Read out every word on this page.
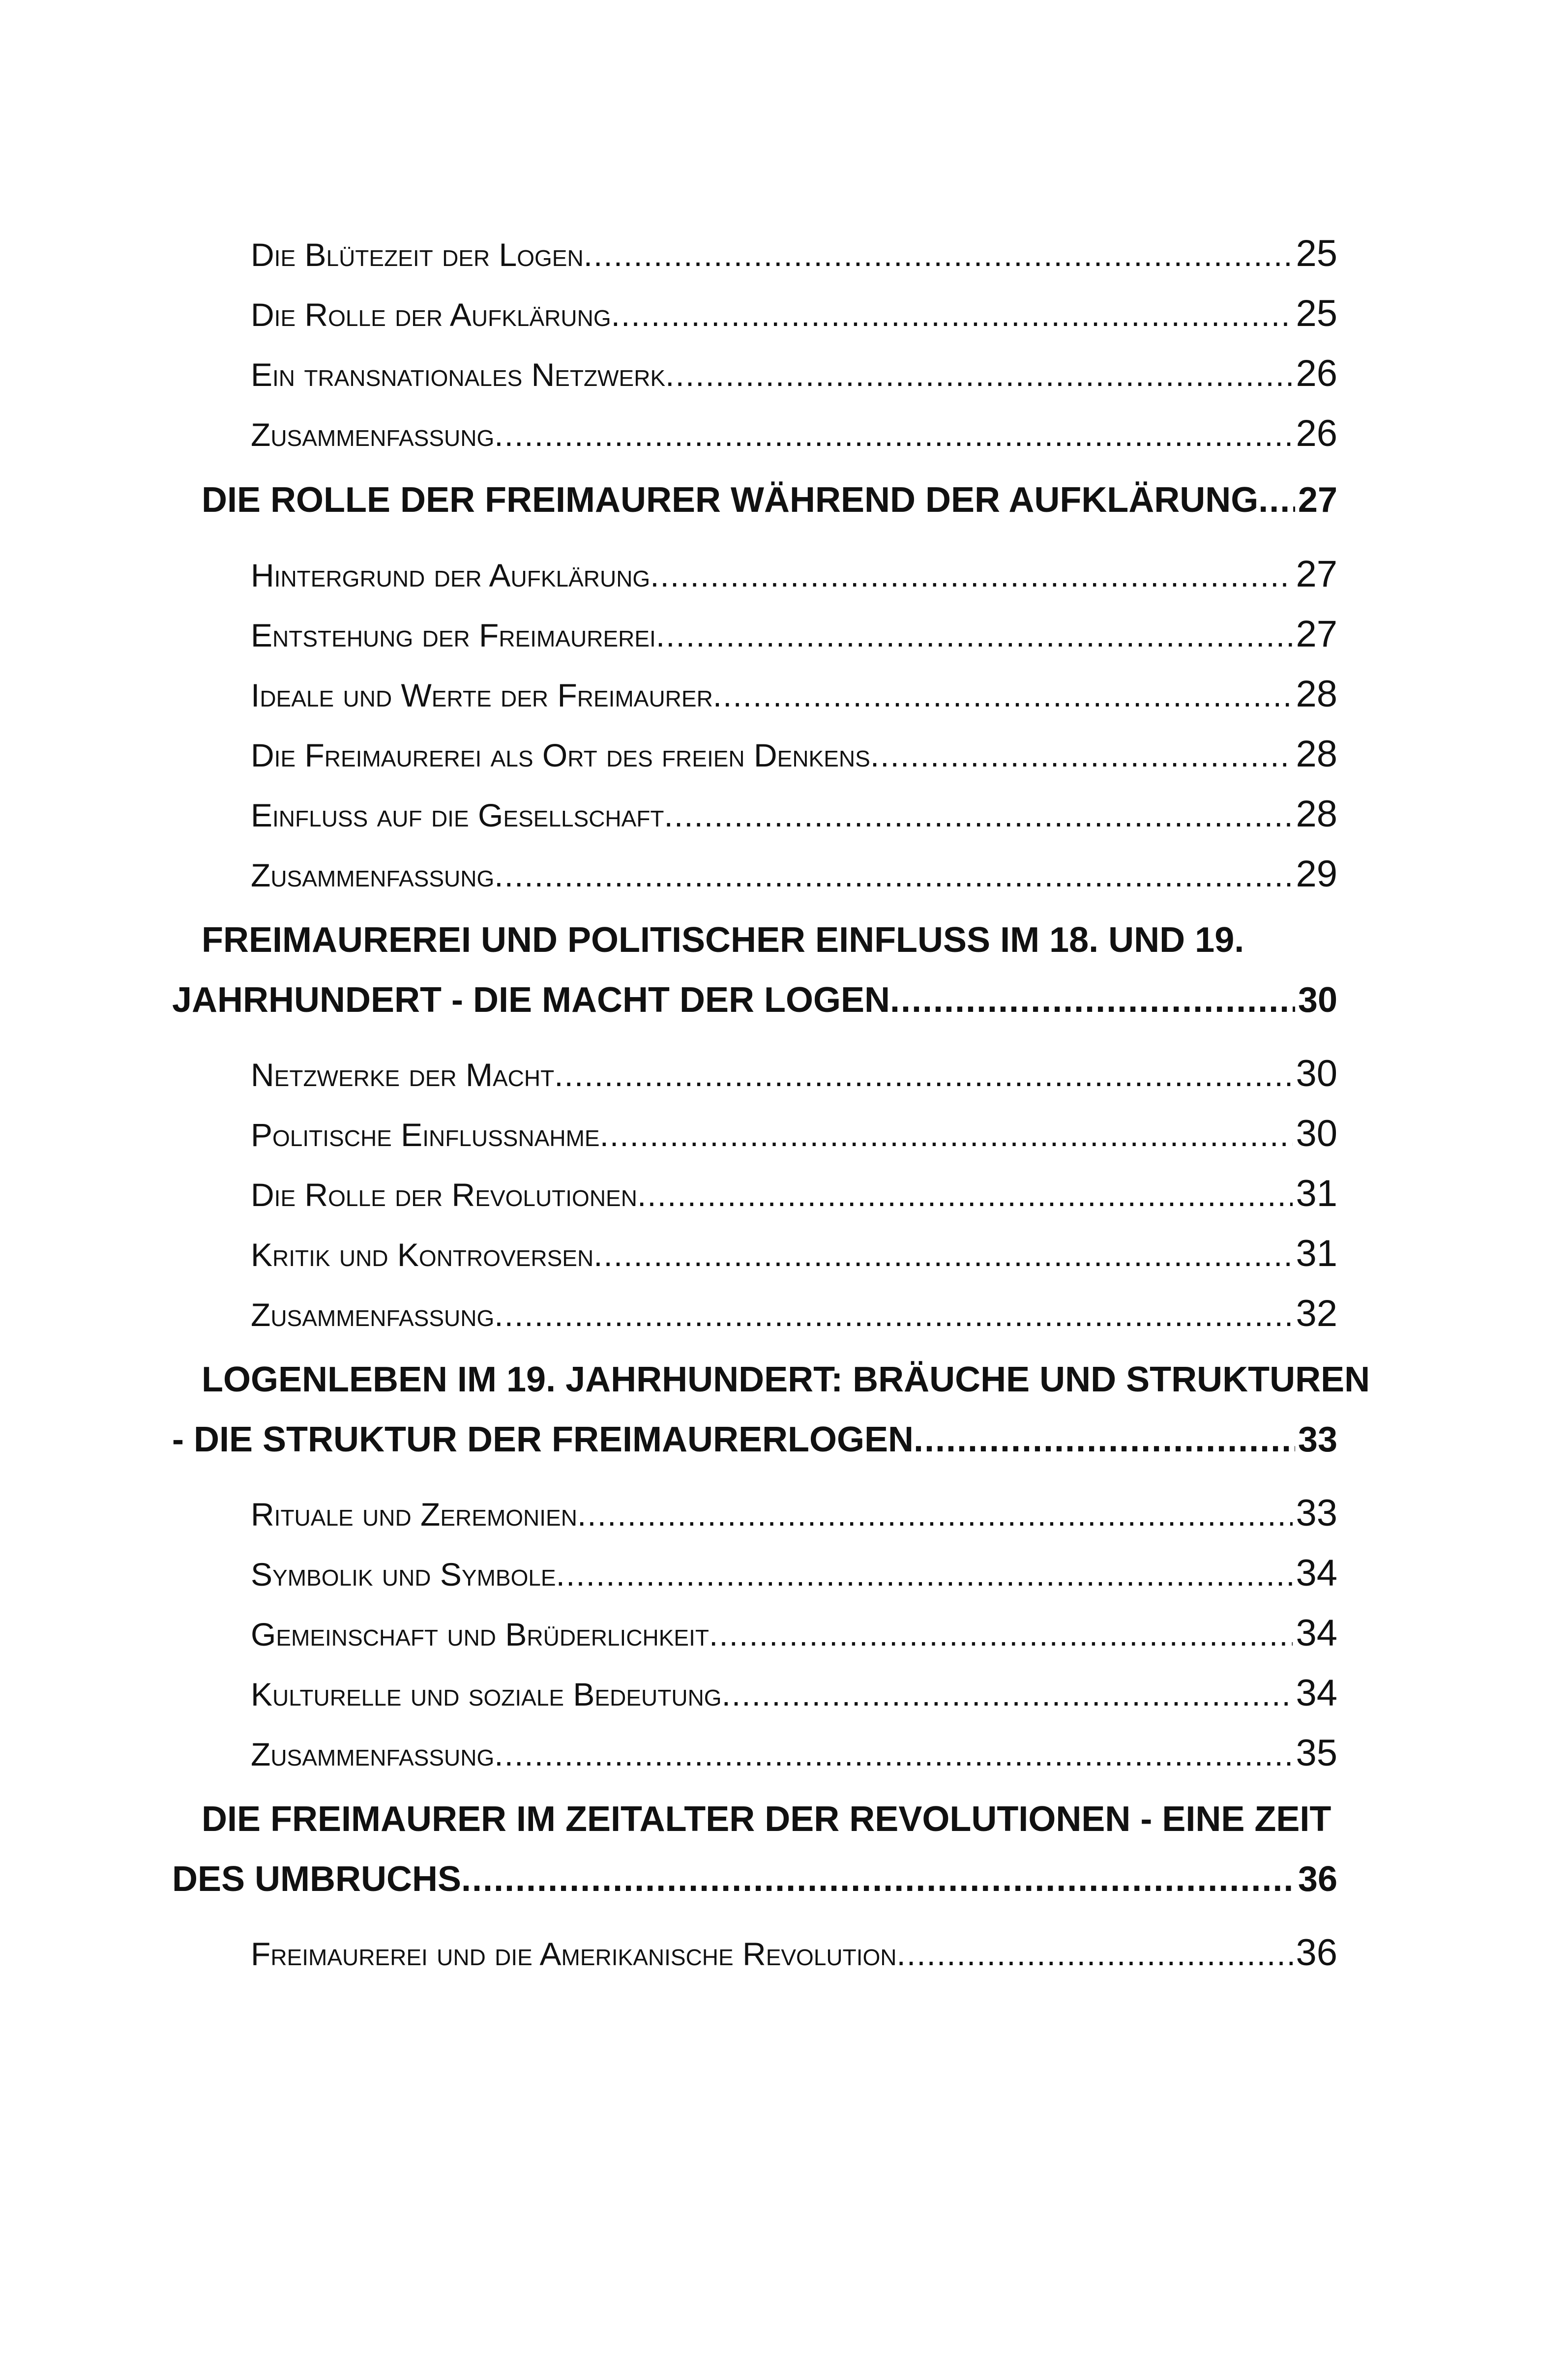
Die Blütezeit der Logen .....	25
Die Rolle der Aufklärung .....	25
Ein transnationales Netzwerk .....	26
Zusammenfassung .....	26
DIE ROLLE DER FREIMAURER WÄHREND DER AUFKLÄRUNG ..... 27
Hintergrund der Aufklärung .....	27
Entstehung der Freimaurerei .....	27
Ideale und Werte der Freimaurer .....	28
Die Freimaurerei als Ort des freien Denkens .....	28
Einfluss auf die Gesellschaft .....	28
Zusammenfassung .....	29
FREIMAUREREI UND POLITISCHER EINFLUSS IM 18. UND 19.
JAHRHUNDERT - DIE MACHT DER LOGEN .....	30
Netzwerke der Macht .....	30
Politische Einflussnahme .....	30
Die Rolle der Revolutionen .....	31
Kritik und Kontroversen .....	31
Zusammenfassung .....	32
LOGENLEBEN IM 19. JAHRHUNDERT: BRÄUCHE UND STRUKTUREN
- DIE STRUKTUR DER FREIMAURERLOGEN .....	33
Rituale und Zeremonien .....	33
Symbolik und Symbole .....	34
Gemeinschaft und Brüderlichkeit .....	34
Kulturelle und soziale Bedeutung .....	34
Zusammenfassung .....	35
DIE FREIMAURER IM ZEITALTER DER REVOLUTIONEN - EINE ZEIT
DES UMBRUCHS .....	36
Freimaurerei und die Amerikanische Revolution .....	36
